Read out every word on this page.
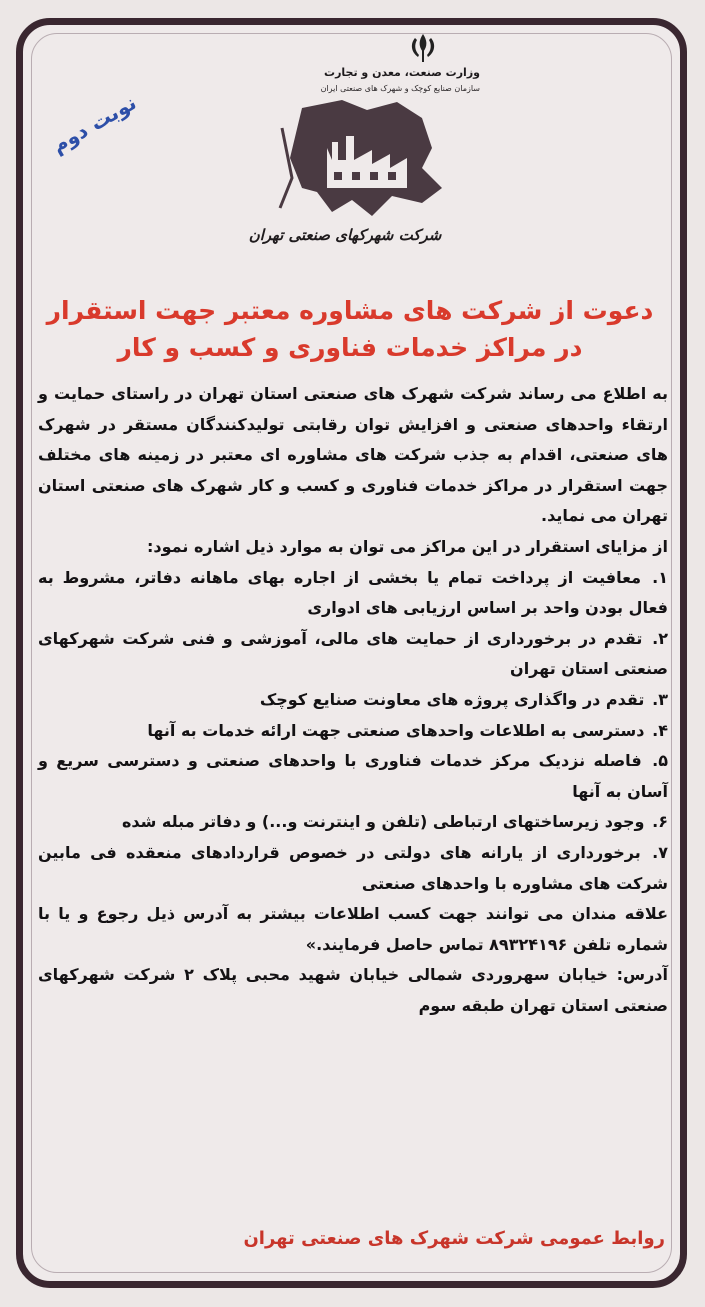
وزارت صنعت، معدن و تجارت
سازمان صنایع کوچک و شهرک های صنعتی ایران
شرکت شهرکهای صنعتی تهران
نوبت دوم
دعوت از شرکت های مشاوره معتبر جهت استقرار
در مراکز خدمات فناوری و کسب و کار

به اطلاع می رساند شرکت شهرک های صنعتی استان تهران در راستای حمایت و ارتقاء واحدهای صنعتی و افزایش توان رقابتی تولیدکنندگان مستقر در شهرک های صنعتی، اقدام به جذب شرکت های مشاوره ای معتبر در زمینه های مختلف جهت استقرار در مراکز خدمات فناوری و کسب و کار شهرک های صنعتی استان تهران می نماید.

از مزایای استقرار در این مراکز می توان به موارد ذیل اشاره نمود:

۱. معافیت از پرداخت تمام یا بخشی از اجاره بهای ماهانه دفاتر، مشروط به فعال بودن واحد بر اساس ارزیابی های ادواری

۲. تقدم در برخورداری از حمایت های مالی، آموزشی و فنی شرکت شهرکهای صنعتی استان تهران

۳. تقدم در واگذاری پروژه های معاونت صنایع کوچک

۴. دسترسی به اطلاعات واحدهای صنعتی جهت ارائه خدمات به آنها

۵. فاصله نزدیک مرکز خدمات فناوری با واحدهای صنعتی و دسترسی سریع و آسان به آنها

۶. وجود زیرساختهای ارتباطی (تلفن و اینترنت و...) و دفاتر مبله شده

۷. برخورداری از یارانه های دولتی در خصوص قراردادهای منعقده فی مابین شرکت های مشاوره با واحدهای صنعتی

علاقه مندان می توانند جهت کسب اطلاعات بیشتر به آدرس ذیل رجوع و یا با شماره تلفن ۸۹۳۲۴۱۹۶ تماس حاصل فرمایند.»

آدرس: خیابان سهروردی شمالی خیابان شهید محبی پلاک ۲ شرکت شهرکهای صنعتی استان تهران طبقه سوم

روابط عمومی شرکت شهرک های صنعتی تهران
